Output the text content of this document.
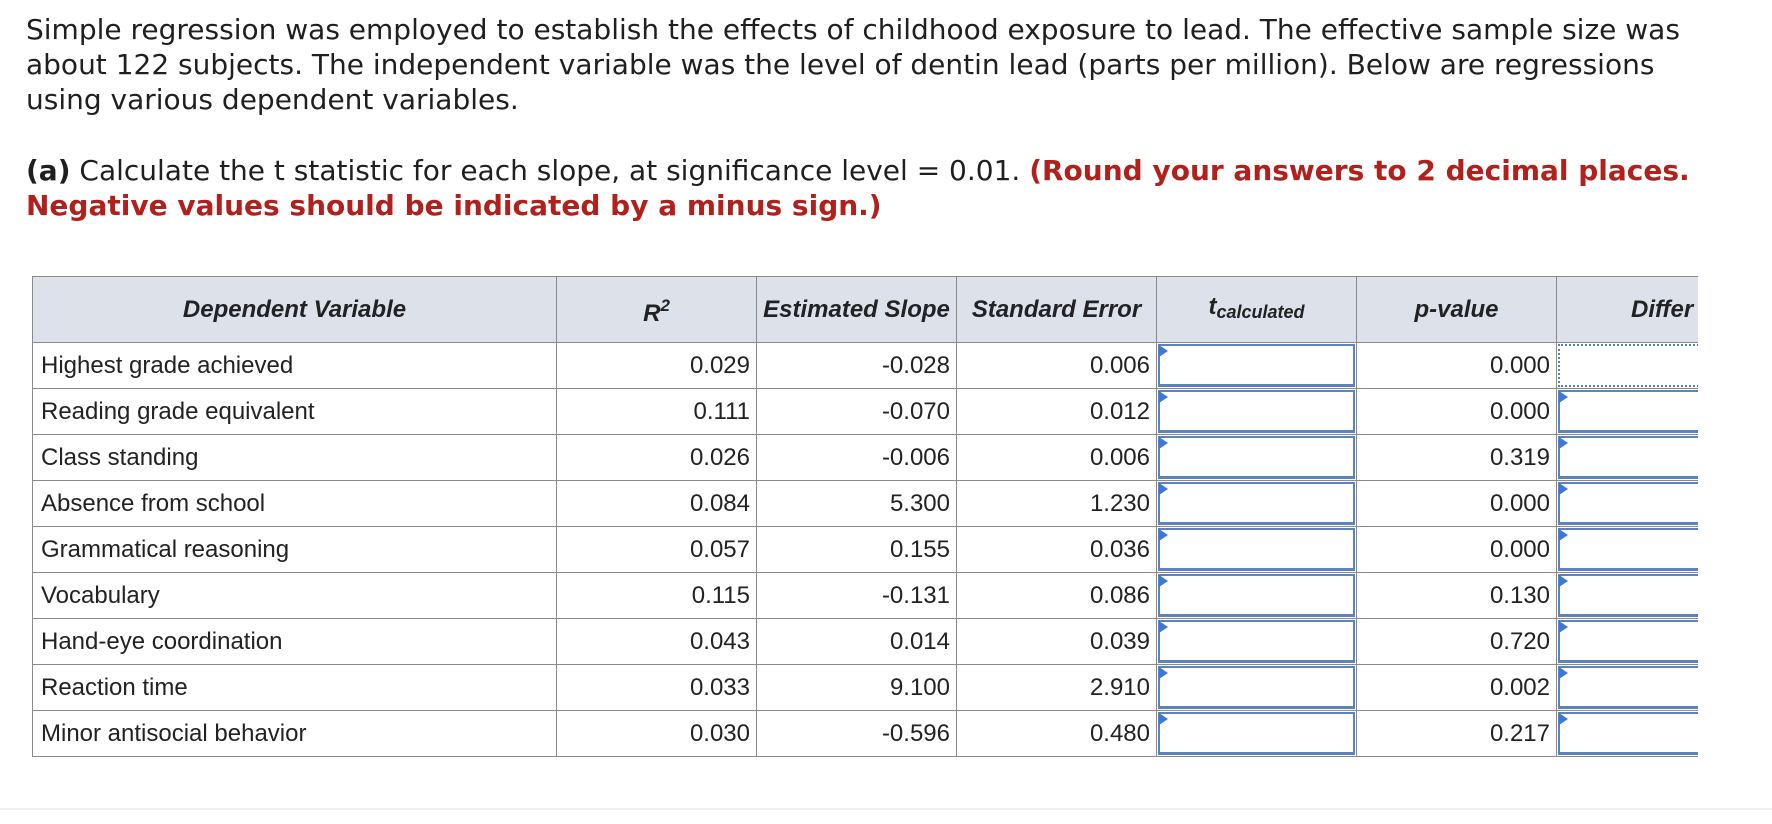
Simple regression was employed to establish the effects of childhood exposure to lead. The effective sample size was about 122 subjects. The independent variable was the level of dentin lead (parts per million). Below are regressions using various dependent variables.

(a) Calculate the t statistic for each slope, at significance level = 0.01. (Round your answers to 2 decimal places. Negative values should be indicated by a minus sign.)

Dependent Variable	$R^2$	Estimated Slope	Standard Error	$t_{calculated}$	p-value	Differ
Highest grade achieved	0.029	-0.028	0.006		0.000	

Reading grade equivalent	0.111	-0.070	0.012		0.000	

Class standing	0.026	-0.006	0.006		0.319	

Absence from school	0.084	5.300	1.230		0.000	

Grammatical reasoning	0.057	0.155	0.036		0.000	

Vocabulary	0.115	-0.131	0.086		0.130	

Hand-eye coordination	0.043	0.014	0.039		0.720	

Reaction time	0.033	9.100	2.910		0.002	

Minor antisocial behavior	0.030	-0.596	0.480		0.217	
